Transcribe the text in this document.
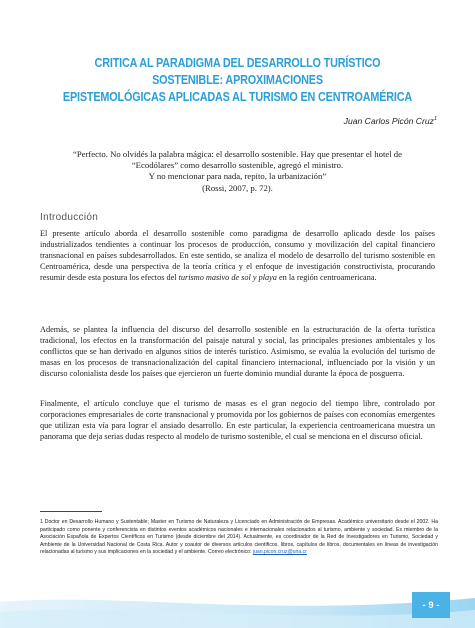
CRITICA AL PARADIGMA DEL DESARROLLO TURÍSTICO SOSTENIBLE: APROXIMACIONES
EPISTEMOLÓGICAS APLICADAS AL TURISMO EN CENTROAMÉRICA
Juan Carlos Picón Cruz$^1$
“Perfecto. No olvidés la palabra mágica: el desarrollo sostenible. Hay que presentar el hotel de
“Ecodólares” como desarrollo sostenible, agregó el ministro.
Y no mencionar para nada, repito, la urbanización”
(Rossi, 2007, p. 72).
Introducción
El presente artículo aborda el desarrollo sostenible como paradigma de desarrollo aplicado desde los países industrializados tendientes a continuar los procesos de producción, consumo y movilización del capital financiero transnacional en países subdesarrollados. En este sentido, se analiza el modelo de desarrollo del turismo sostenible en Centroamérica, desde una perspectiva de la teoría crítica y el enfoque de investigación constructivista, procurando resumir desde esta postura los efectos del turismo masivo de sol y playa en la región centroamericana.
Además, se plantea la influencia del discurso del desarrollo sostenible en la estructuración de la oferta turística tradicional, los efectos en la transformación del paisaje natural y social, las principales presiones ambientales y los conflictos que se han derivado en algunos sitios de interés turístico. Asimismo, se evalúa la evolución del turismo de masas en los procesos de transnacionalización del capital financiero internacional, influenciado por la visión y un discurso colonialista desde los países que ejercieron un fuerte dominio mundial durante la época de posguerra.
Finalmente, el artículo concluye que el turismo de masas es el gran negocio del tiempo libre, controlado por corporaciones empresariales de corte transnacional y promovida por los gobiernos de países con economías emergentes que utilizan esta vía para lograr el ansiado desarrollo. En este particular, la experiencia centroamericana muestra un panorama que deja serias dudas respecto al modelo de turismo sostenible, el cual se menciona en el discurso oficial.
1 Doctor en Desarrollo Humano y Sustentable; Master en Turismo de Naturaleza y Licenciado en Administración de Empresas. Académico universitario desde el 2002. Ha participado como ponente y conferencista en distintos eventos académicos nacionales e internacionales relacionados al turismo, ambiente y sociedad. Es miembro de la Asociación Española de Expertos Científicos en Turismo (desde diciembre del 2014). Actualmente, es coordinador de la Red de Investigadores en Turismo, Sociedad y Ambiente de la Universidad Nacional de Costa Rica. Autor y coautor de diversos artículos científicos, libros, capítulos de libros, documentales en líneas de investigación relacionadas al turismo y sus implicaciones en la sociedad y el ambiente. Correo electrónico: juan.picon.cruz@una.cr
- 9 -
